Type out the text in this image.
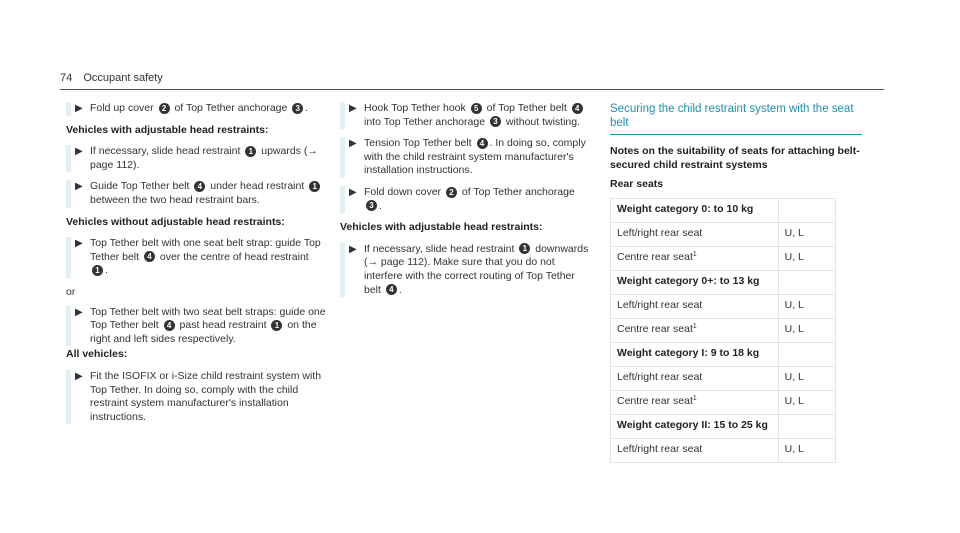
74 Occupant safety
▶ Fold up cover 2 of Top Tether anchorage 3 .
Vehicles with adjustable head restraints:
▶ If necessary, slide head restraint 1 upwards (→ page 112).
▶ Guide Top Tether belt 4 under head restraint 1 between the two head restraint bars.
Vehicles without adjustable head restraints:
▶ Top Tether belt with one seat belt strap: guide Top Tether belt 4 over the centre of head restraint 1 .
or
▶ Top Tether belt with two seat belt straps: guide one Top Tether belt 4 past head restraint 1 on the right and left sides respectively.
All vehicles:
▶ Fit the ISOFIX or i-Size child restraint system with Top Tether. In doing so, comply with the child restraint system manufacturer's installation instructions.
▶ Hook Top Tether hook 5 of Top Tether belt 4 into Top Tether anchorage 3 without twisting.
▶ Tension Top Tether belt 4 . In doing so, comply with the child restraint system manufacturer's installation instructions.
▶ Fold down cover 2 of Top Tether anchorage 3 .
Vehicles with adjustable head restraints:
▶ If necessary, slide head restraint 1 downwards (→ page 112). Make sure that you do not interfere with the correct routing of Top Tether belt 4 .
Securing the child restraint system with the seat belt
Notes on the suitability of seats for attaching belt-secured child restraint systems
Rear seats
Weight category 0: to 10 kg	
Left/right rear seat	U, L
Centre rear seat$^1$	U, L
Weight category 0+: to 13 kg	
Left/right rear seat	U, L
Centre rear seat$^1$	U, L
Weight category I: 9 to 18 kg	
Left/right rear seat	U, L
Centre rear seat$^1$	U, L
Weight category II: 15 to 25 kg	
Left/right rear seat	U, L
